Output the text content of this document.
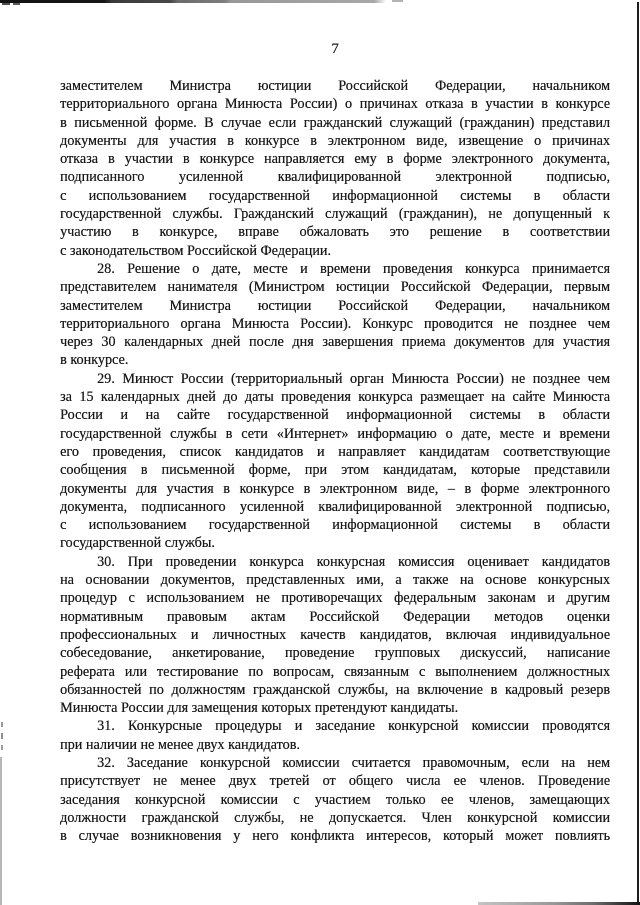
7
заместителем Министра юстиции Российской Федерации, начальником
территориального органа Минюста России) о причинах отказа в участии в конкурсе
в письменной форме. В случае если гражданский служащий (гражданин) представил
документы для участия в конкурсе в электронном виде, извещение о причинах
отказа в участии в конкурсе направляется ему в форме электронного документа,
подписанного усиленной квалифицированной электронной подписью,
с использованием государственной информационной системы в области
государственной службы. Гражданский служащий (гражданин), не допущенный к
участию в конкурсе, вправе обжаловать это решение в соответствии
с законодательством Российской Федерации.
28. Решение о дате, месте и времени проведения конкурса принимается
представителем нанимателя (Министром юстиции Российской Федерации, первым
заместителем Министра юстиции Российской Федерации, начальником
территориального органа Минюста России). Конкурс проводится не позднее чем
через 30 календарных дней после дня завершения приема документов для участия
в конкурсе.
29. Минюст России (территориальный орган Минюста России) не позднее чем
за 15 календарных дней до даты проведения конкурса размещает на сайте Минюста
России и на сайте государственной информационной системы в области
государственной службы в сети «Интернет» информацию о дате, месте и времени
его проведения, список кандидатов и направляет кандидатам соответствующие
сообщения в письменной форме, при этом кандидатам, которые представили
документы для участия в конкурсе в электронном виде, – в форме электронного
документа, подписанного усиленной квалифицированной электронной подписью,
с использованием государственной информационной системы в области
государственной службы.
30. При проведении конкурса конкурсная комиссия оценивает кандидатов
на основании документов, представленных ими, а также на основе конкурсных
процедур с использованием не противоречащих федеральным законам и другим
нормативным правовым актам Российской Федерации методов оценки
профессиональных и личностных качеств кандидатов, включая индивидуальное
собеседование, анкетирование, проведение групповых дискуссий, написание
реферата или тестирование по вопросам, связанным с выполнением должностных
обязанностей по должностям гражданской службы, на включение в кадровый резерв
Минюста России для замещения которых претендуют кандидаты.
31. Конкурсные процедуры и заседание конкурсной комиссии проводятся
при наличии не менее двух кандидатов.
32. Заседание конкурсной комиссии считается правомочным, если на нем
присутствует не менее двух третей от общего числа ее членов. Проведение
заседания конкурсной комиссии с участием только ее членов, замещающих
должности гражданской службы, не допускается. Член конкурсной комиссии
в случае возникновения у него конфликта интересов, который может повлиять
